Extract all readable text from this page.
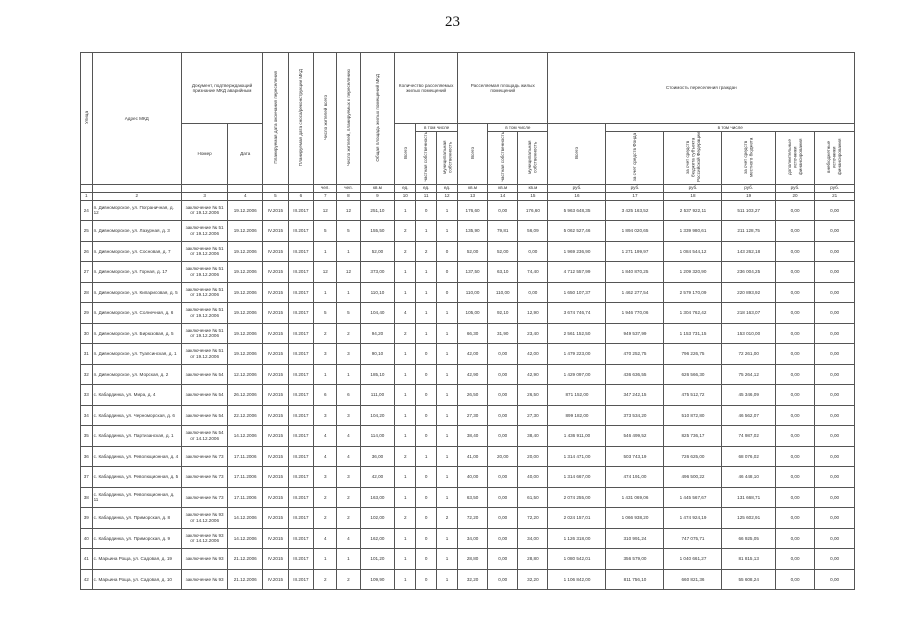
23
Улица	Адрес МКД	Документ, подтверждающий признание МКД аварийным		Планируемая дата окончания переселения	Планируемая дата сноса/реконструкции МКД	Число жителей всего	Число жителей, планируемых к переселению	Общая площадь жилых помещений МКД	Количество расселяемых жилых помещений			Расселяемая площадь жилых помещений			Стоимость переселения граждан					
		Номер	Дата						Всего	в том числе		Всего	в том числе		Всего	в том числе				
										частная собственность	муниципальная собственность		частная собственность	муниципальная собственность		за счет средств Фонда	за счет средств бюджета субъекта Российской Федерации	за счет средств местного бюджета	дополнительные источники финансирования	внебюджетные источники финансирования
						чел.	чел.	кв.м	ед.	ед.	ед.	кв.м	кв.м	кв.м	руб.	руб.	руб.	руб.	руб.	руб.
1	2	3	4	5	6	7	8	9	10	11	12	13	14	15	16	17	18	19	20	21
24	п. Дивноморское, ул. Пограничная, д. 12	заключение № 51 от 19.12.2006	19.12.2006	IV.2015	III.2017	12	12	251,10	1	0	1	176,60	0,00	176,60	5 963 648,35	3 425 163,52	2 537 922,11	511 103,27	0,00	0,00
25	п. Дивноморское, ул. Лазурная, д. 3	заключение № 51 от 19.12.2006	19.12.2006	IV.2015	III.2017	5	5	155,50	2	1	1	135,90	79,81	56,09	5 062 527,46	1 894 020,65	1 339 980,61	211 128,75	0,00	0,00
26	п. Дивноморское, ул. Сосновая, д. 7	заключение № 51 от 19.12.2006	19.12.2006	IV.2015	III.2017	1	1	52,00	2	2	0	52,00	52,00	0,00	1 969 236,90	1 271 199,97	1 084 544,12	143 262,18	0,00	0,00
27	п. Дивноморское, ул. Горная, д. 17	заключение № 51 от 19.12.2006	19.12.2006	IV.2015	III.2017	12	12	373,00	1	1	0	137,50	63,10	74,40	4 712 557,99	1 840 870,25	1 209 320,90	236 004,25	0,00	0,00
28	п. Дивноморское, ул. Кипарисовая, д. 5	заключение № 51 от 19.12.2006	19.12.2006	IV.2015	III.2017	1	1	110,10	1	1	0	110,00	110,00	0,00	1 650 107,37	1 462 277,54	2 579 170,09	220 893,92	0,00	0,00
29	п. Дивноморское, ул. Солнечная, д. 6	заключение № 51 от 19.12.2006	19.12.2006	IV.2015	III.2017	5	5	104,40	4	1	1	105,00	92,10	12,90	3 674 746,74	1 946 770,06	1 304 762,42	218 163,07	0,00	0,00
30	п. Дивноморское, ул. Бирюзовая, д. 5	заключение № 51 от 19.12.2006	19.12.2006	IV.2015	III.2017	2	2	94,20	2	1	1	66,30	31,90	23,40	2 561 152,50	949 537,99	1 153 731,15	153 010,00	0,00	0,00
31	п. Дивноморское, ул. Туапсинская, д. 1	заключение № 51 от 19.12.2006	19.12.2006	IV.2015	III.2017	3	3	90,10	1	0	1	42,00	0,00	42,00	1 479 223,00	470 252,75	796 226,75	72 261,00	0,00	0,00
32	п. Дивноморское, ул. Морская, д. 2	заключение № 54	12.12.2006	IV.2015	III.2017	1	1	185,10	1	0	1	42,90	0,00	42,90	1 429 097,00	436 636,55	626 566,30	75 264,12	0,00	0,00
33	с. Кабардинка, ул. Мира, д. 4	заключение № 54	26.12.2006	IV.2015	III.2017	6	6	111,00	1	0	1	26,50	0,00	26,50	871 152,00	347 242,15	475 512,72	45 346,09	0,00	0,00
34	с. Кабардинка, ул. Черноморская, д. 6	заключение № 54	22.12.2006	IV.2015	III.2017	3	3	104,20	1	0	1	27,30	0,00	27,30	899 182,00	373 534,20	510 872,80	46 562,07	0,00	0,00
35	с. Кабардинка, ул. Партизанская, д. 1	заключение № 54 от 14.12.2006	14.12.2006	IV.2015	III.2017	4	4	114,00	1	0	1	38,40	0,00	38,40	1 436 911,00	546 499,52	825 736,17	74 987,02	0,00	0,00
36	с. Кабардинка, ул. Революционная, д. 4	заключение № 73	17.11.2006	IV.2015	III.2017	4	4	36,00	2	1	1	41,00	20,00	20,00	1 314 471,00	503 743,19	726 625,00	68 076,02	0,00	0,00
37	с. Кабардинка, ул. Революционная, д. 5	заключение № 73	17.11.2006	IV.2015	III.2017	3	3	42,00	1	0	1	40,00	0,00	40,00	1 314 667,00	474 191,00	496 500,22	46 448,10	0,00	0,00
38	с. Кабардинка, ул. Революционная, д. 11	заключение № 73	17.11.2006	IV.2015	III.2017	2	2	163,00	1	0	1	63,50	0,00	61,50	2 074 255,00	1 431 069,06	1 445 567,67	131 668,71	0,00	0,00
39	с. Кабардинка, ул. Приморская, д. 8	заключение № 93 от 14.12.2006	14.12.2006	IV.2015	III.2017	2	2	102,00	2	0	2	72,20	0,00	72,20	2 024 157,01	1 066 938,20	1 474 924,19	125 602,91	0,00	0,00
40	с. Кабардинка, ул. Приморская, д. 9	заключение № 93 от 14.12.2006	14.12.2006	IV.2015	III.2017	4	4	162,00	1	0	1	34,00	0,00	34,00	1 126 318,00	310 991,24	747 075,71	66 925,05	0,00	0,00
41	с. Марьина Роща, ул. Садовая, д. 19	заключение № 93	21.12.2006	IV.2015	III.2017	1	1	101,20	1	0	1	28,80	0,00	28,80	1 080 542,01	356 579,00	1 040 661,27	81 815,13	0,00	0,00
42	с. Марьина Роща, ул. Садовая, д. 10	заключение № 93	21.12.2006	IV.2015	III.2017	2	2	109,90	1	0	1	32,20	0,00	32,20	1 106 842,00	811 756,10	660 821,36	55 608,24	0,00	0,00
